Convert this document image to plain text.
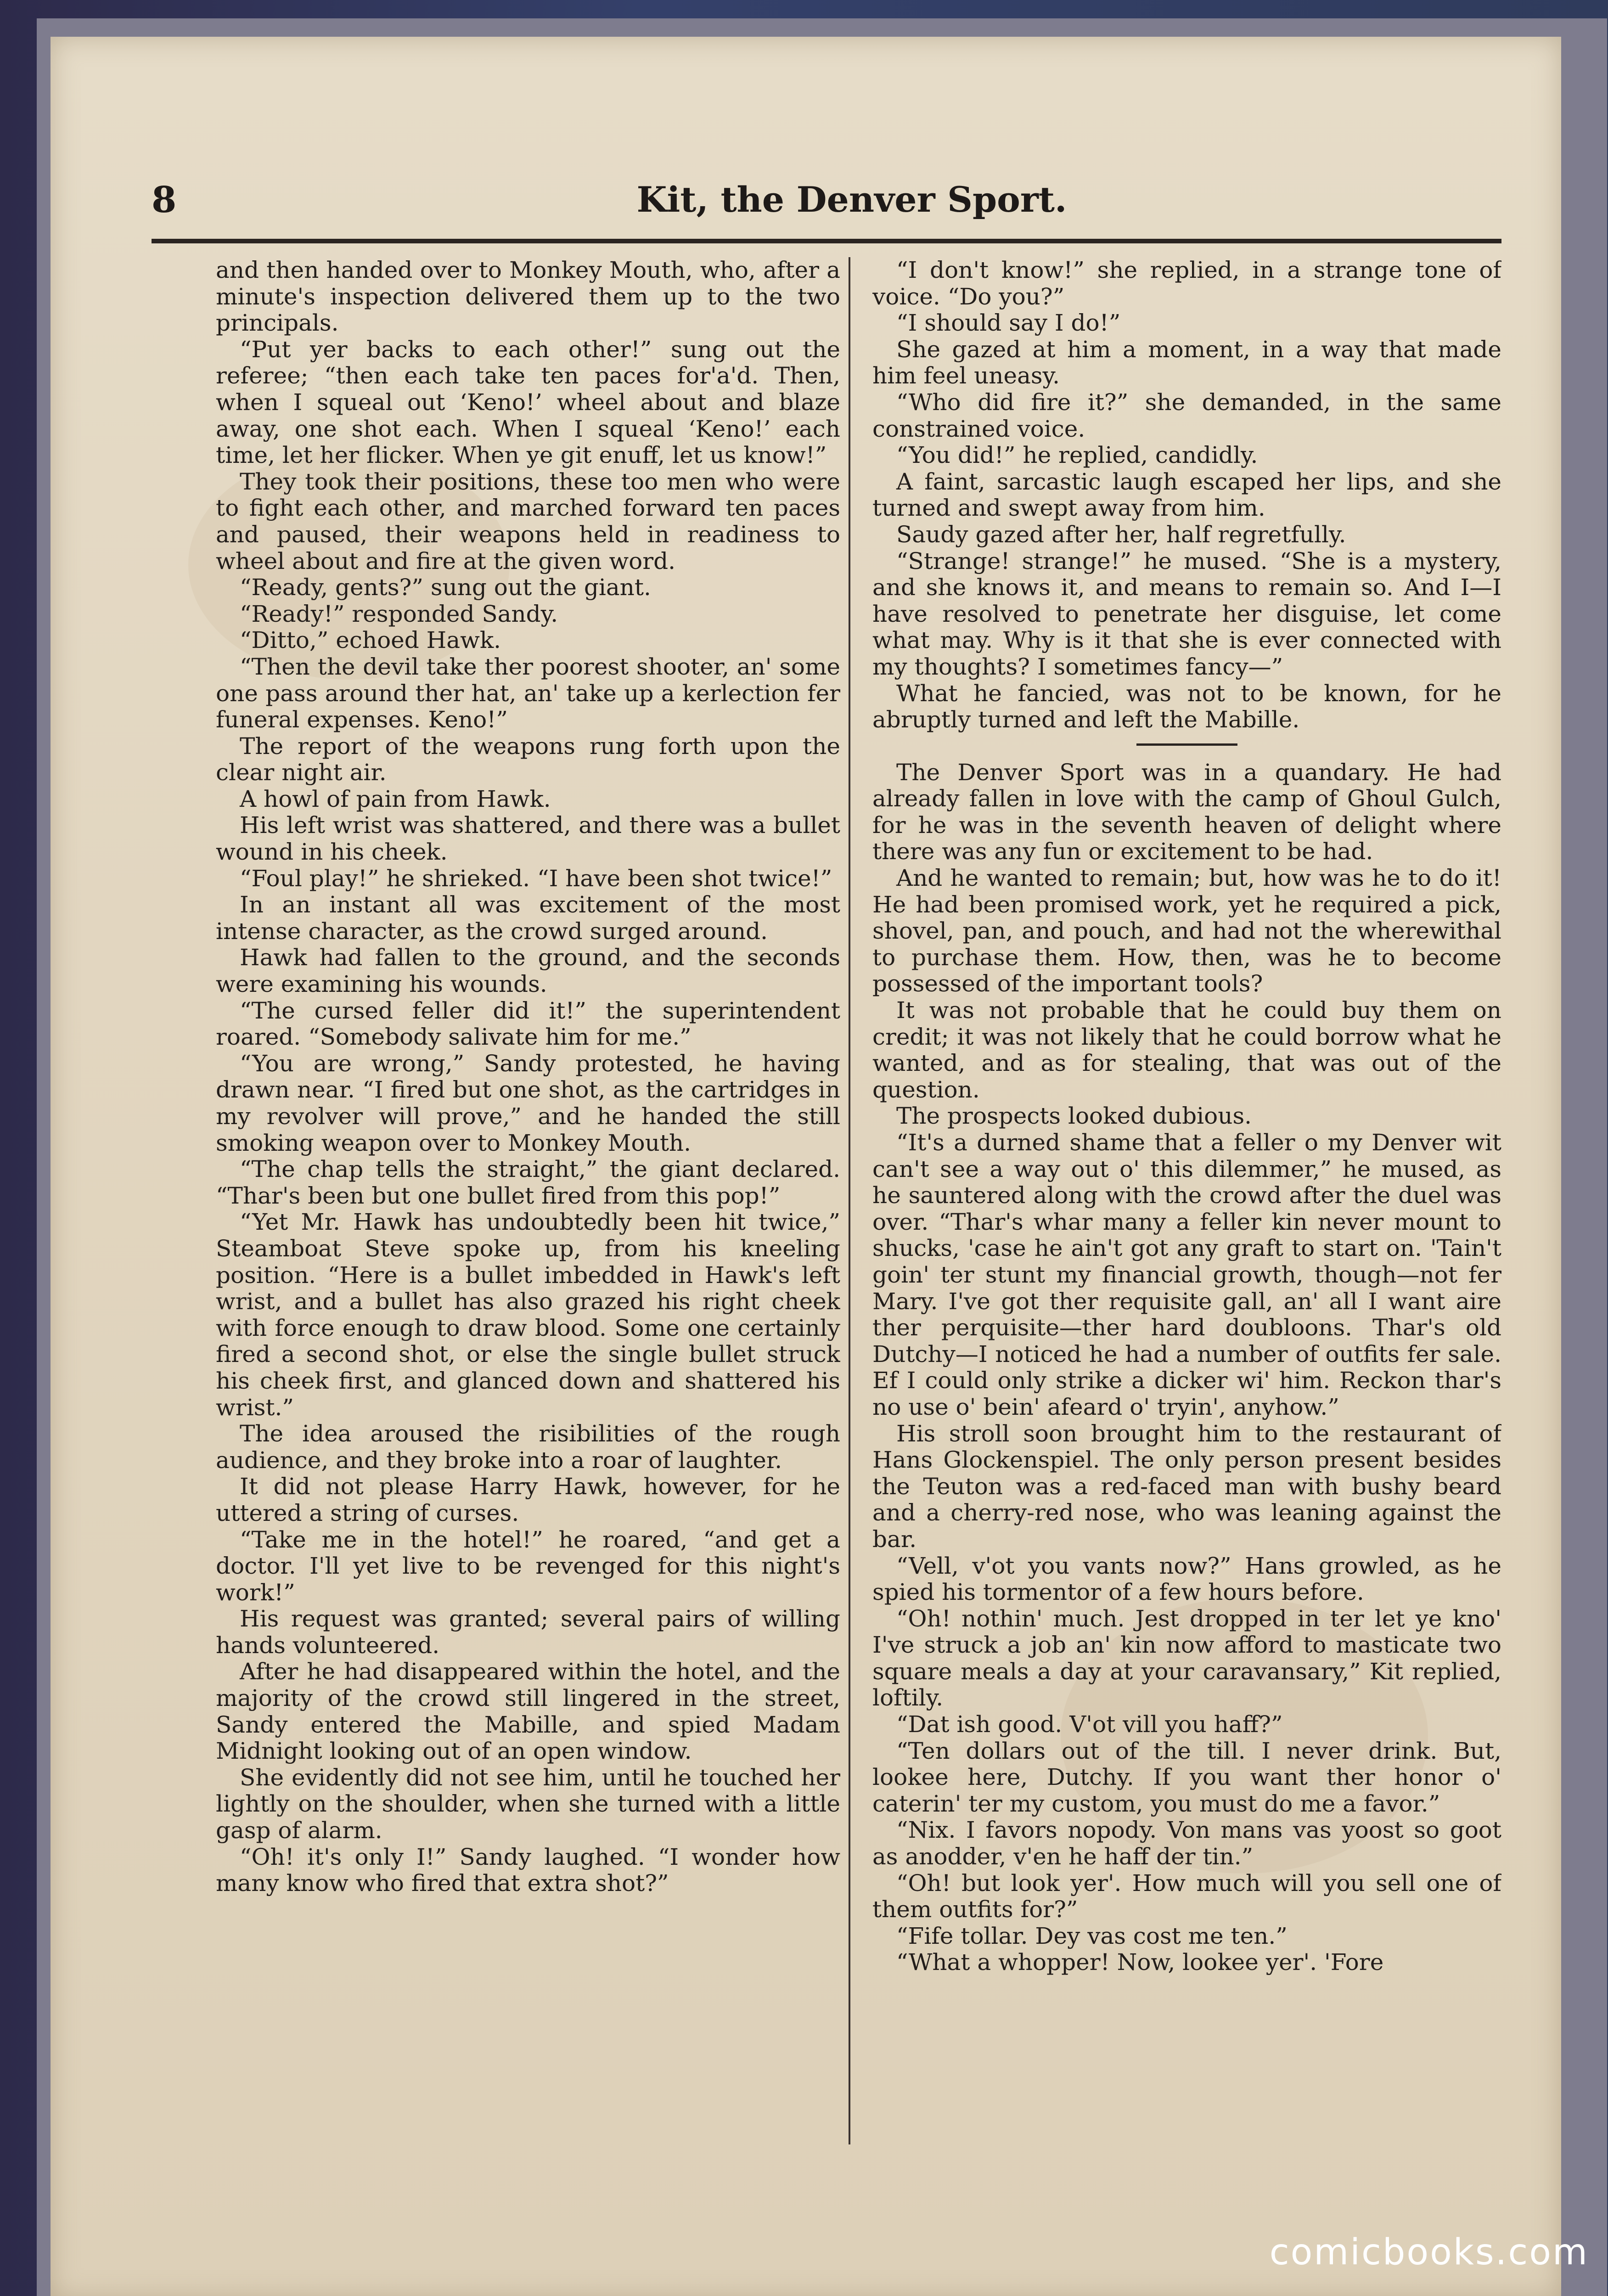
8	Kit, the Denver Sport.

and then handed over to Monkey Mouth, who, after a minute's inspection delivered them up to the two principals.

“Put yer backs to each other!” sung out the referee; “then each take ten paces for'a'd. Then, when I squeal out ‘Keno!’ wheel about and blaze away, one shot each. When I squeal ‘Keno!’ each time, let her flicker. When ye git enuff, let us know!”

They took their positions, these too men who were to fight each other, and marched forward ten paces and paused, their weapons held in readiness to wheel about and fire at the given word.

“Ready, gents?” sung out the giant.

“Ready!” responded Sandy.

“Ditto,” echoed Hawk.

“Then the devil take ther poorest shooter, an' some one pass around ther hat, an' take up a kerlection fer funeral expenses. Keno!”

The report of the weapons rung forth upon the clear night air.

A howl of pain from Hawk.

His left wrist was shattered, and there was a bullet wound in his cheek.

“Foul play!” he shrieked. “I have been shot twice!”

In an instant all was excitement of the most intense character, as the crowd surged around.

Hawk had fallen to the ground, and the seconds were examining his wounds.

“The cursed feller did it!” the superintendent roared. “Somebody salivate him for me.”

“You are wrong,” Sandy protested, he having drawn near. “I fired but one shot, as the cartridges in my revolver will prove,” and he handed the still smoking weapon over to Monkey Mouth.

“The chap tells the straight,” the giant declared. “Thar's been but one bullet fired from this pop!”

“Yet Mr. Hawk has undoubtedly been hit twice,” Steamboat Steve spoke up, from his kneeling position. “Here is a bullet imbedded in Hawk's left wrist, and a bullet has also grazed his right cheek with force enough to draw blood. Some one certainly fired a second shot, or else the single bullet struck his cheek first, and glanced down and shattered his wrist.”

The idea aroused the risibilities of the rough audience, and they broke into a roar of laughter.

It did not please Harry Hawk, however, for he uttered a string of curses.

“Take me in the hotel!” he roared, “and get a doctor. I'll yet live to be revenged for this night's work!”

His request was granted; several pairs of willing hands volunteered.

After he had disappeared within the hotel, and the majority of the crowd still lingered in the street, Sandy entered the Mabille, and spied Madam Midnight looking out of an open window.

She evidently did not see him, until he touched her lightly on the shoulder, when she turned with a little gasp of alarm.

“Oh! it's only I!” Sandy laughed. “I wonder how many know who fired that extra shot?”

“I don't know!” she replied, in a strange tone of voice. “Do you?”

“I should say I do!”

She gazed at him a moment, in a way that made him feel uneasy.

“Who did fire it?” she demanded, in the same constrained voice.

“You did!” he replied, candidly.

A faint, sarcastic laugh escaped her lips, and she turned and swept away from him.

Saudy gazed after her, half regretfully.

“Strange! strange!” he mused. “She is a mystery, and she knows it, and means to remain so. And I—I have resolved to penetrate her disguise, let come what may. Why is it that she is ever connected with my thoughts? I sometimes fancy—”

What he fancied, was not to be known, for he abruptly turned and left the Mabille.

The Denver Sport was in a quandary. He had already fallen in love with the camp of Ghoul Gulch, for he was in the seventh heaven of delight where there was any fun or excitement to be had.

And he wanted to remain; but, how was he to do it! He had been promised work, yet he required a pick, shovel, pan, and pouch, and had not the wherewithal to purchase them. How, then, was he to become possessed of the important tools?

It was not probable that he could buy them on credit; it was not likely that he could borrow what he wanted, and as for stealing, that was out of the question.

The prospects looked dubious.

“It's a durned shame that a feller o my Denver wit can't see a way out o' this dilemmer,” he mused, as he sauntered along with the crowd after the duel was over. “Thar's whar many a feller kin never mount to shucks, 'case he ain't got any graft to start on. 'Tain't goin' ter stunt my financial growth, though—not fer Mary. I've got ther requisite gall, an' all I want aire ther perquisite—ther hard doubloons. Thar's old Dutchy—I noticed he had a number of outfits fer sale. Ef I could only strike a dicker wi' him. Reckon thar's no use o' bein' afeard o' tryin', anyhow.”

His stroll soon brought him to the restaurant of Hans Glockenspiel. The only person present besides the Teuton was a red-faced man with bushy beard and a cherry-red nose, who was leaning against the bar.

“Vell, v'ot you vants now?” Hans growled, as he spied his tormentor of a few hours before.

“Oh! nothin' much. Jest dropped in ter let ye kno' I've struck a job an' kin now afford to masticate two square meals a day at your caravansary,” Kit replied, loftily.

“Dat ish good. V'ot vill you haff?”

“Ten dollars out of the till. I never drink. But, lookee here, Dutchy. If you want ther honor o' caterin' ter my custom, you must do me a favor.”

“Nix. I favors nopody. Von mans vas yoost so goot as anodder, v'en he haff der tin.”

“Oh! but look yer'. How much will you sell one of them outfits for?”

“Fife tollar. Dey vas cost me ten.”

“What a whopper! Now, lookee yer'. 'Fore

comicbooks.com
